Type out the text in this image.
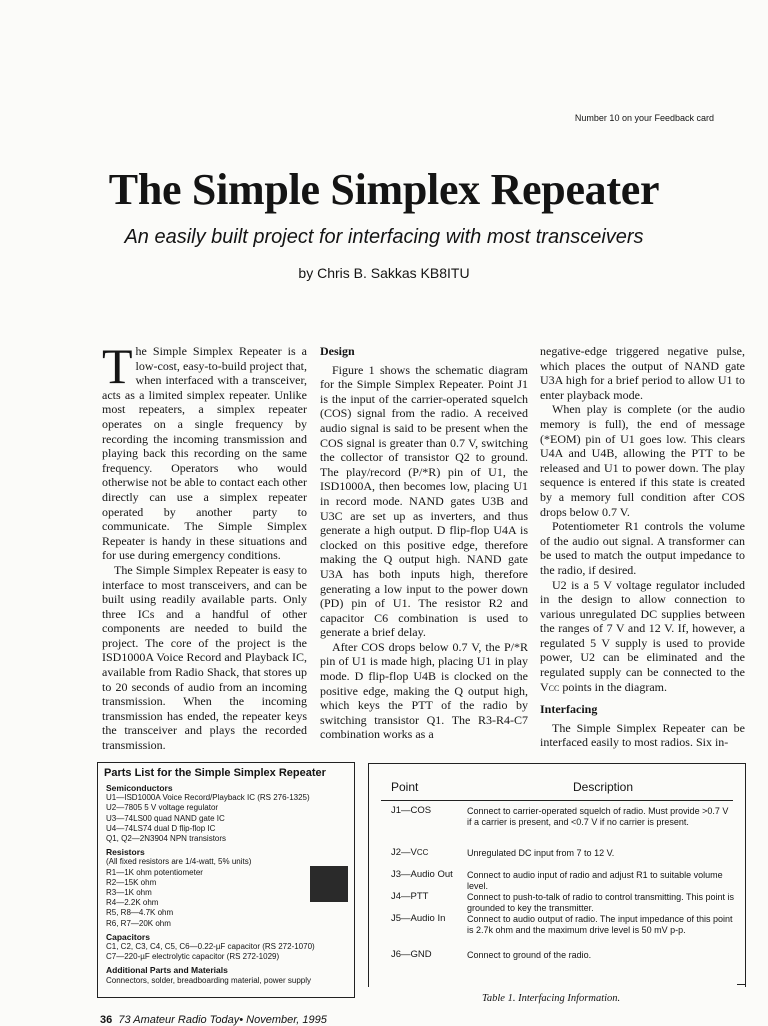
Number 10 on your Feedback card
The Simple Simplex Repeater
An easily built project for interfacing with most transceivers
by Chris B. Sakkas KB8ITU

The Simple Simplex Repeater is a low-cost, easy-to-build project that, when interfaced with a transceiver, acts as a limited simplex repeater. Unlike most repeaters, a simplex repeater operates on a single frequency by recording the incoming transmission and playing back this recording on the same frequency. Operators who would otherwise not be able to contact each other directly can use a simplex repeater operated by another party to communicate. The Simple Simplex Repeater is handy in these situations and for use during emergency conditions.

The Simple Simplex Repeater is easy to interface to most transceivers, and can be built using readily available parts. Only three ICs and a handful of other components are needed to build the project. The core of the project is the ISD1000A Voice Record and Playback IC, available from Radio Shack, that stores up to 20 seconds of audio from an incoming transmission. When the incoming transmission has ended, the repeater keys the transceiver and plays the recorded transmission.

Design

Figure 1 shows the schematic diagram for the Simple Simplex Repeater. Point J1 is the input of the carrier-operated squelch (COS) signal from the radio. A received audio signal is said to be present when the COS signal is greater than 0.7 V, switching the collector of transistor Q2 to ground. The play/record (P/*R) pin of U1, the ISD1000A, then becomes low, placing U1 in record mode. NAND gates U3B and U3C are set up as inverters, and thus generate a high output. D flip-flop U4A is clocked on this positive edge, therefore making the Q output high. NAND gate U3A has both inputs high, therefore generating a low input to the power down (PD) pin of U1. The resistor R2 and capacitor C6 combination is used to generate a brief delay.

After COS drops below 0.7 V, the P/*R pin of U1 is made high, placing U1 in play mode. D flip-flop U4B is clocked on the positive edge, making the Q output high, which keys the PTT of the radio by switching transistor Q1. The R3-R4-C7 combination works as a

negative-edge triggered negative pulse, which places the output of NAND gate U3A high for a brief period to allow U1 to enter playback mode.

When play is complete (or the audio memory is full), the end of message (*EOM) pin of U1 goes low. This clears U4A and U4B, allowing the PTT to be released and U1 to power down. The play sequence is entered if this state is created by a memory full condition after COS drops below 0.7 V.

Potentiometer R1 controls the volume of the audio out signal. A transformer can be used to match the output impedance to the radio, if desired.

U2 is a 5 V voltage regulator included in the design to allow connection to various unregulated DC supplies between the ranges of 7 V and 12 V. If, however, a regulated 5 V supply is used to provide power, U2 can be eliminated and the regulated supply can be connected to the VCC points in the diagram.

Interfacing

The Simple Simplex Repeater can be interfaced easily to most radios. Six in-

Parts List for the Simple Simplex Repeater
Semiconductors
U1—ISD1000A Voice Record/Playback IC (RS 276-1325)
U2—7805 5 V voltage regulator
U3—74LS00 quad NAND gate IC
U4—74LS74 dual D flip-flop IC
Q1, Q2—2N3904 NPN transistors
Resistors
(All fixed resistors are 1/4-watt, 5% units)
R1—1K ohm potentiometer
R2—15K ohm
R3—1K ohm
R4—2.2K ohm
R5, R8—4.7K ohm
R6, R7—20K ohm
Capacitors
C1, C2, C3, C4, C5, C6—0.22-µF capacitor (RS 272-1070)
C7—220-µF electrolytic capacitor (RS 272-1029)
Additional Parts and Materials
Connectors, solder, breadboarding material, power supply
Point	Description
J1—COS	Connect to carrier-operated squelch of radio. Must provide >0.7 V if a carrier is present, and <0.7 V if no carrier is present.
J2—VCC	Unregulated DC input from 7 to 12 V.
J3—Audio Out	Connect to audio input of radio and adjust R1 to suitable volume level.
J4—PTT	Connect to push-to-talk of radio to control transmitting. This point is grounded to key the transmitter.
J5—Audio In	Connect to audio output of radio. The input impedance of this point is 2.7k ohm and the maximum drive level is 50 mV p-p.
J6—GND	Connect to ground of the radio.
Table 1. Interfacing Information.
36 73 Amateur Radio Today• November, 1995
